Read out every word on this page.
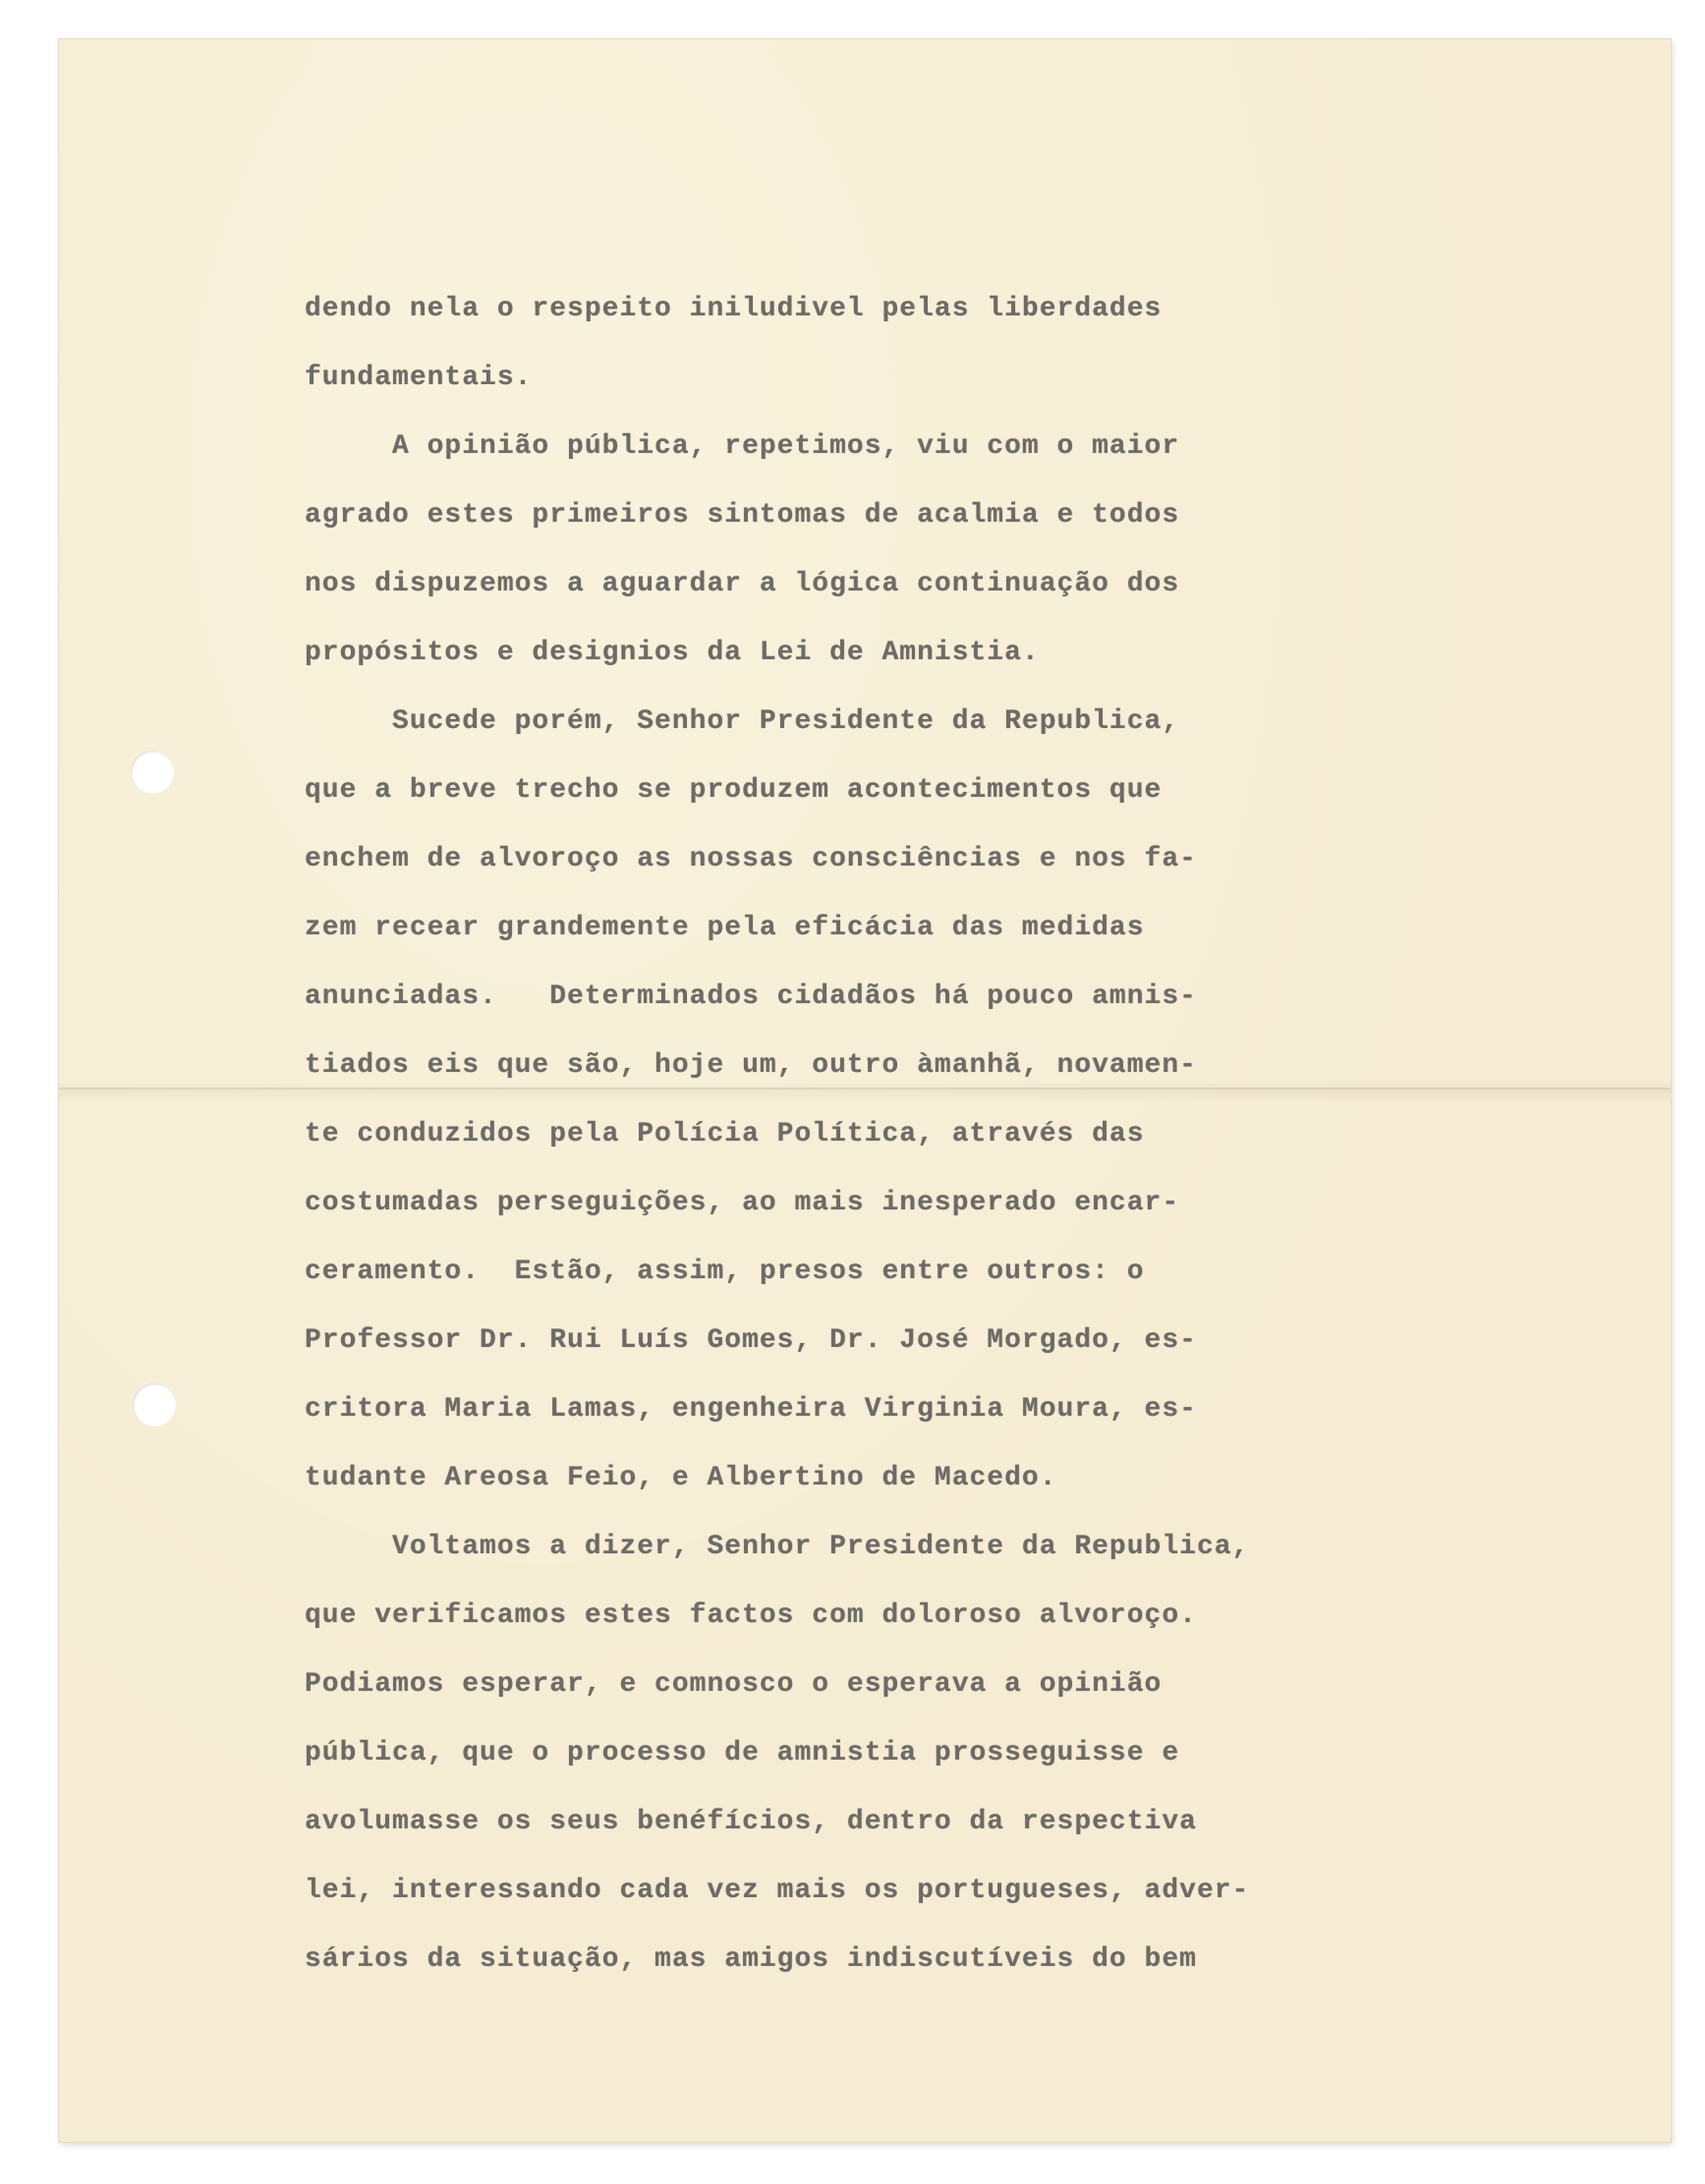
dendo nela o respeito iniludivel pelas liberdades
fundamentais.
A opinião pública, repetimos, viu com o maior
agrado estes primeiros sintomas de acalmia e todos
nos dispuzemos a aguardar a lógica continuação dos
propósitos e designios da Lei de Amnistia.
Sucede porém, Senhor Presidente da Republica,
que a breve trecho se produzem acontecimentos que
enchem de alvoroço as nossas consciências e nos fa-
zem recear grandemente pela eficácia das medidas
anunciadas.   Determinados cidadãos há pouco amnis-
tiados eis que são, hoje um, outro àmanhã, novamen-
te conduzidos pela Polícia Política, através das
costumadas perseguições, ao mais inesperado encar-
ceramento.  Estão, assim, presos entre outros: o
Professor Dr. Rui Luís Gomes, Dr. José Morgado, es-
critora Maria Lamas, engenheira Virginia Moura, es-
tudante Areosa Feio, e Albertino de Macedo.
Voltamos a dizer, Senhor Presidente da Republica,
que verificamos estes factos com doloroso alvoroço.
Podiamos esperar, e comnosco o esperava a opinião
pública, que o processo de amnistia prosseguisse e
avolumasse os seus benéfícios, dentro da respectiva
lei, interessando cada vez mais os portugueses, adver-
sários da situação, mas amigos indiscutíveis do bem
